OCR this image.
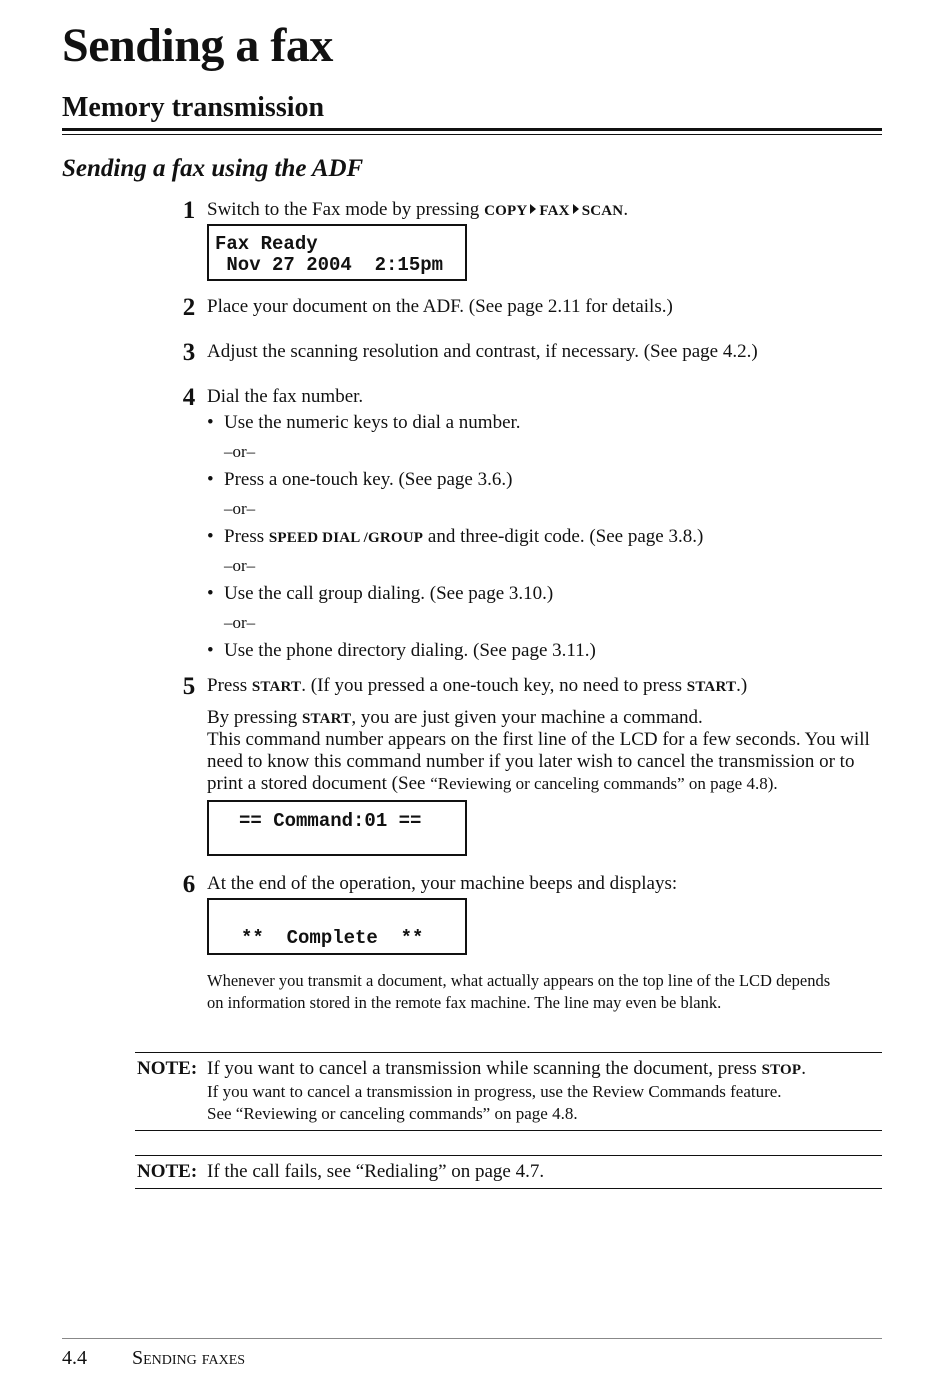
Sending a fax
Memory transmission
Sending a fax using the ADF
1 Switch to the Fax mode by pressing COPY FAX SCAN.
Fax Ready
Nov 27 2004  2:15pm
2 Place your document on the ADF. (See page 2.11 for details.)
3 Adjust the scanning resolution and contrast, if necessary. (See page 4.2.)
4 Dial the fax number.
• Use the numeric keys to dial a number.
–or–
• Press a one-touch key. (See page 3.6.)
–or–
• Press SPEED DIAL /GROUP and three-digit code. (See page 3.8.)
–or–
• Use the call group dialing. (See page 3.10.)
–or–
• Use the phone directory dialing. (See page 3.11.)
5 Press START. (If you pressed a one-touch key, no need to press START.)
By pressing START, you are just given your machine a command.
This command number appears on the first line of the LCD for a few seconds. You will
need to know this command number if you later wish to cancel the transmission or to
print a stored document (See “Reviewing or canceling commands” on page 4.8).
== Command:01 ==
6 At the end of the operation, your machine beeps and displays:
**  Complete  **
Whenever you transmit a document, what actually appears on the top line of the LCD depends
on information stored in the remote fax machine. The line may even be blank.
NOTE: If you want to cancel a transmission while scanning the document, press STOP.
If you want to cancel a transmission in progress, use the Review Commands feature.
See “Reviewing or canceling commands” on page 4.8.
NOTE: If the call fails, see “Redialing” on page 4.7.
4.4 Sending faxes
